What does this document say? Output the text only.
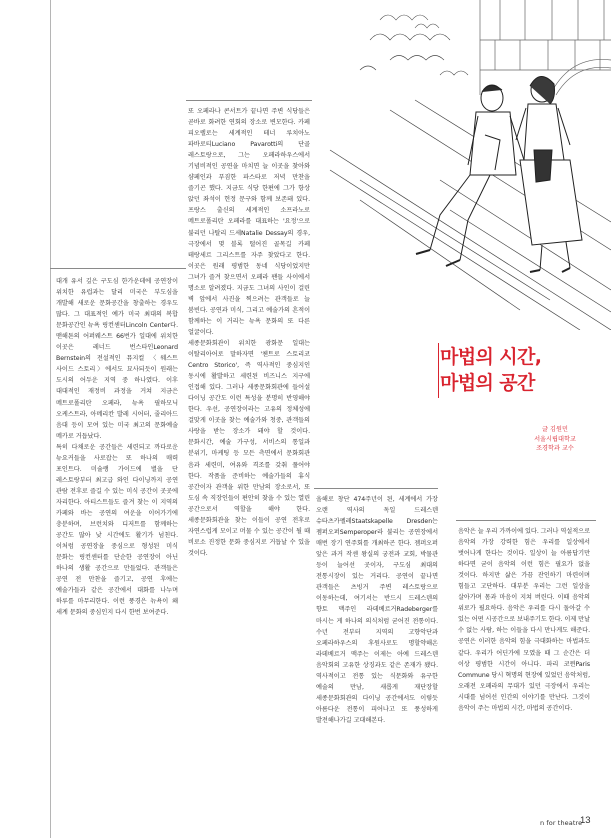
마법의 시간,
마법의 공간
글 김원민
서울시립대학교
조경학과 교수

대개 유서 깊은 구도심 한가운데에 공연장이 위치한 유럽과는 달리 미국은 부도심을 개발해 새로운 문화공간을 창출하는 경우도 많다. 그 대표적인 예가 미국 최대의 복합 문화공간인 뉴욕 링컨센터Lincoln Center다. 맨해튼의 어퍼웨스트 66번가 일대에 위치한 이곳은 레너드 번스타인Leonard Bernstein의 전설적인 뮤지컬 〈웨스트 사이드 스토리〉에서도 묘사되듯이 원래는 도시의 어두운 지역 중 하나였다. 이후 대대적인 재정비 과정을 거쳐 지금은 메트로폴리탄 오페라, 뉴욕 필하모닉 오케스트라, 아메리칸 발레 시어터, 줄리아드 음대 등이 모여 있는 미국 최고의 문화예술 메카로 거듭났다.

특히 다채로운 공간들은 세련되고 까다로운 뉴요커들을 사로잡는 또 하나의 매력 포인트다. 미슐랭 가이드에 별을 단 레스토랑부터 최고급 와인 다이닝까지 공연 관람 전후로 즐길 수 있는 미식 공간이 곳곳에 자리한다. 아티스트들도 즐겨 찾는 이 지역의 카페와 바는 공연의 여운을 이어가기에 충분하며, 브런치와 디저트를 함께하는 공간도 많아 낮 시간에도 활기가 넘친다. 이처럼 공연장을 중심으로 형성된 미식 문화는 링컨센터를 단순한 공연장이 아닌 하나의 생활 공간으로 만들었다. 관객들은 공연 전 만찬을 즐기고, 공연 후에는 예술가들과 같은 공간에서 대화를 나누며 하루를 마무리한다. 이런 풍경은 뉴욕이 왜 세계 문화의 중심인지 다시 한번 보여준다.

또 오페라나 콘서트가 끝나면 주변 식당들은 곧바로 화려한 연회의 장소로 변모한다. 카페 피오렐로는 세계적인 테너 루치아노 파바로티Luciano Pavarotti의 단골 레스토랑으로, 그는 오페라하우스에서 기념비적인 공연을 마치면 늘 이곳을 찾아와 샴페인과 푸짐한 파스타로 저녁 만찬을 즐기곤 했다. 지금도 식당 한편에 그가 항상 앉던 좌석이 헌정 문구와 함께 보존돼 있다. 프랑스 출신의 세계적인 소프라노로 메트로폴리탄 오페라를 대표하는 '요정'으로 불리던 나탈리 드세Natalie Dessay의 경우, 극장에서 몇 블록 떨어진 골목길 카페 테랑세르 그리스트를 자주 찾았다고 한다. 이곳은 원래 평범한 동네 식당이었지만 그녀가 즐겨 찾으면서 오페라 팬들 사이에서 명소로 알려졌다. 지금도 그녀의 사인이 걸린 벽 앞에서 사진을 찍으려는 관객들로 늘 붐빈다. 공연과 미식, 그리고 예술가의 흔적이 함께하는 이 거리는 뉴욕 문화의 또 다른 얼굴이다.

세종문화회관이 위치한 광화문 일대는 이탈리아어로 말하자면 '첸트로 스토리코 Centro Storico', 즉 역사적인 중심지인 동시에 활발하고 세련된 비즈니스 지구에 인접해 있다. 그러나 세종문화회관에 들어설 다이닝 공간도 이런 특성을 분명히 반영해야 한다. 우선, 공연장이라는 고유의 정체성에 걸맞게 이곳을 찾는 예술가와 청중, 관객들의 사랑을 받는 장소가 돼야 할 것이다. 문화시간, 예술 가구성, 서비스의 통일과 분위기, 마케팅 등 모든 측면에서 문화회관 음과 세련미, 여유와 격조를 갖춰 풀어야 한다. 작품을 준비하는 예술가들의 휴식 공간이자 관객을 위한 만남의 장소로서, 또 도심 속 직장인들이 편안히 찾을 수 있는 열린 공간으로서 역할을 해야 한다. 세종문화회관을 찾는 이들이 공연 전후로 자연스럽게 모이고 머물 수 있는 공간이 될 때 비로소 진정한 문화 중심지로 거듭날 수 있을 것이다.

올해로 창단 474주년이 된, 세계에서 가장 오랜 역사의 독일 드레스덴 슈타츠카펠레Staatskapelle Dresden는 젬퍼오퍼Semperoper라 불리는 공연장에서 매번 장기 연주회를 개최하곤 한다. 젬퍼오퍼 앞은 과거 작센 왕실의 궁전과 교회, 박물관 등이 늘어선 곳이자, 구도심 최대의 전통시장이 있는 거리다. 공연이 끝나면 관객들은 츠빙거 주변 레스토랑으로 이동하는데, 여기서는 반드시 드레스덴의 향토 맥주인 라데베르거Radeberger를 마시는 게 하나의 의식처럼 굳어진 전통이다. 수년 전부터 지역의 고향악단과 오페라하우스의 후원사로도 명할약해온 라데베르거 맥주는 이제는 아예 드레스덴 음악회의 고유한 상징과도 같은 존재가 됐다. 역사적이고 전통 있는 식문화와 유구한 예술의 만남, 새롭게 재단장할 세종문화회관의 다이닝 공간에서도 이렇듯 아름다운 전통이 피어나고 또 풍성하게 발전해나가길 고대해본다.

음악은 늘 우리 가까이에 있다. 그러나 역설적으로 음악의 가장 강력한 힘은 우리를 일상에서 벗어나게 한다는 것이다. 일상이 늘 아름답기만 하다면 굳이 음악의 이런 힘은 필요가 없을 것이다. 하지만 삶은 가끔 잔인하기 마련이며 힘들고 고단하다. 대부분 우리는 그런 일상을 살아가며 몸과 마음이 지쳐 버린다. 이때 음악의 위로가 필요하다. 음악은 우리를 다시 돌아갈 수 있는 어떤 시공간으로 보내주기도 한다. 이제 만날 수 없는 사람, 하는 이들을 다시 만나게도 해준다. 공연은 이러한 음악의 힘을 극대화하는 마법과도 같다. 우리가 어딘가에 모였을 때 그 순간은 더 이상 평범한 시간이 아니다. 파리 코뮌Paris Commune 당시 혁명의 현장에 있었던 음악처럼, 오래전 오페라의 무대가 있던 극장에서 우리는 시대를 넘어선 인간의 이야기를 만난다. 그것이 음악이 주는 마법의 시간, 마법의 공간이다.

n for theatre
13
